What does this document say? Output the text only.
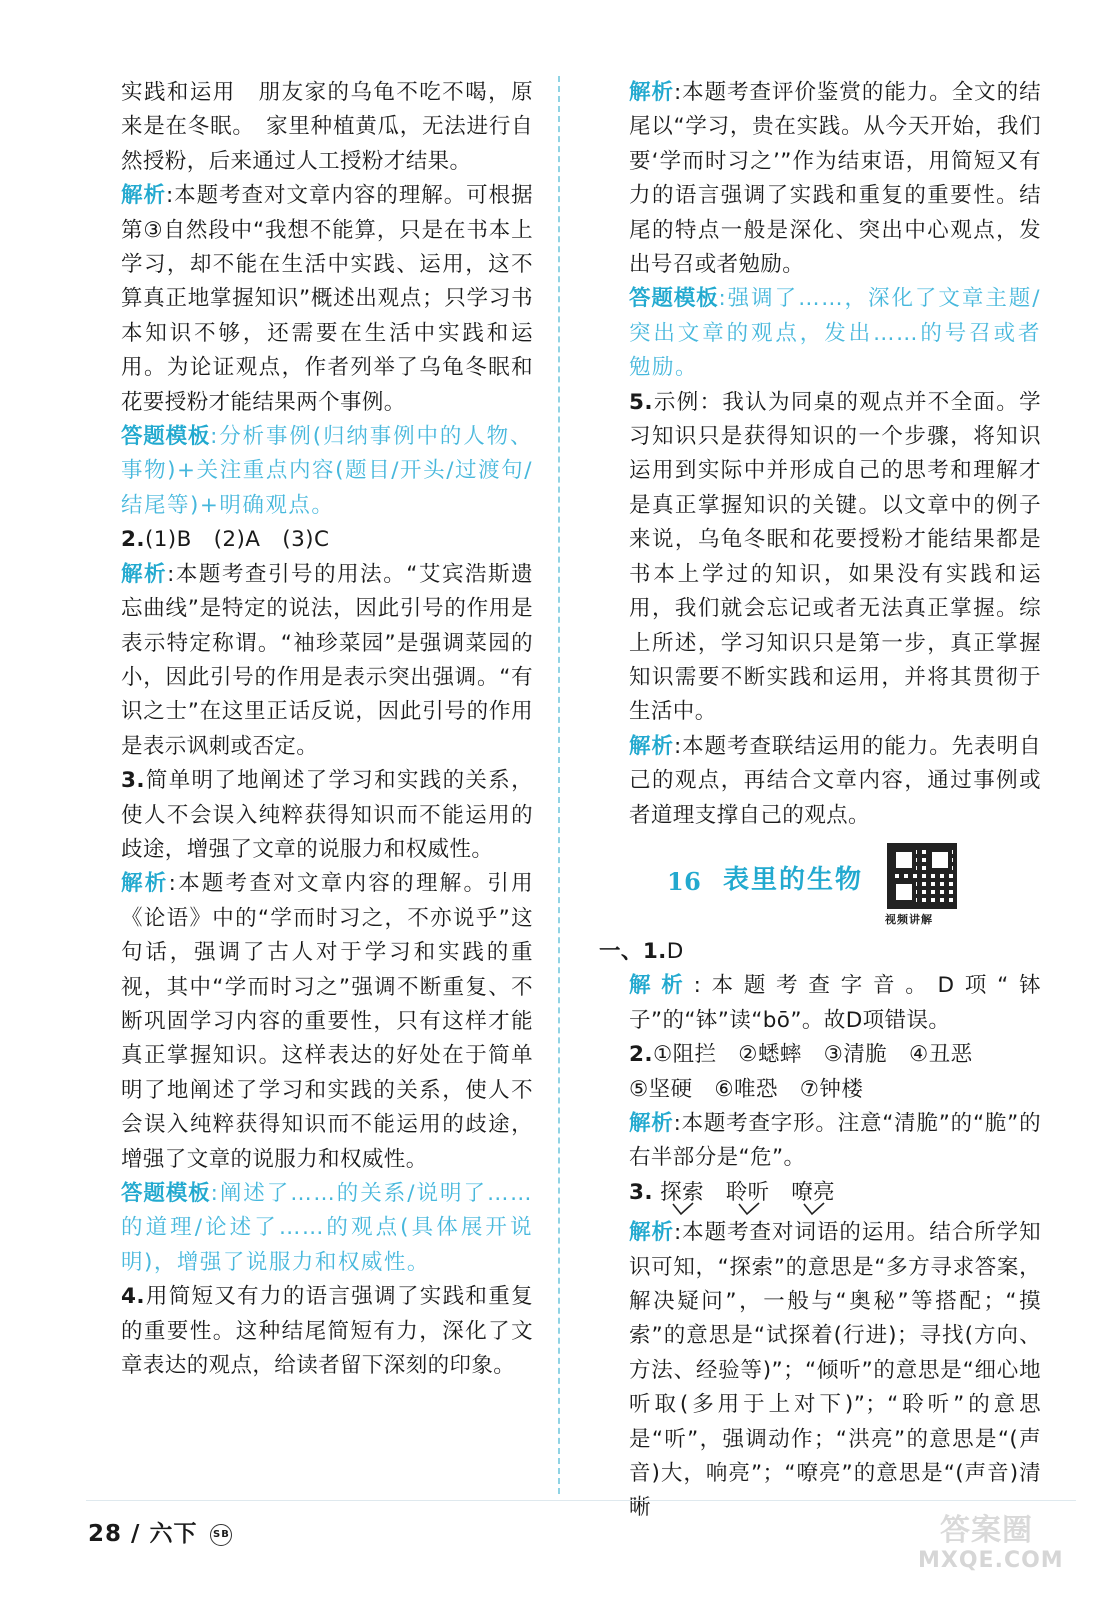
实践和运用　朋友家的乌龟不吃不喝，原来是在冬眠。　家里种植黄瓜，无法进行自然授粉，后来通过人工授粉才结果。

解析:本题考查对文章内容的理解。可根据第③自然段中“我想不能算，只是在书本上学习，却不能在生活中实践、运用，这不算真正地掌握知识”概述出观点；只学习书本知识不够，还需要在生活中实践和运用。为论证观点，作者列举了乌龟冬眠和花要授粉才能结果两个事例。

答题模板:分析事例(归纳事例中的人物、事物)+关注重点内容(题目/开头/过渡句/结尾等)+明确观点。

2.(1)B　(2)A　(3)C

解析:本题考查引号的用法。“艾宾浩斯遗忘曲线”是特定的说法，因此引号的作用是表示特定称谓。“袖珍菜园”是强调菜园的小，因此引号的作用是表示突出强调。“有识之士”在这里正话反说，因此引号的作用是表示讽刺或否定。

3.简单明了地阐述了学习和实践的关系，使人不会误入纯粹获得知识而不能运用的歧途，增强了文章的说服力和权威性。

解析:本题考查对文章内容的理解。引用《论语》中的“学而时习之，不亦说乎”这句话，强调了古人对于学习和实践的重视，其中“学而时习之”强调不断重复、不断巩固学习内容的重要性，只有这样才能真正掌握知识。这样表达的好处在于简单明了地阐述了学习和实践的关系，使人不会误入纯粹获得知识而不能运用的歧途，增强了文章的说服力和权威性。

答题模板:阐述了……的关系/说明了……的道理/论述了……的观点(具体展开说明)，增强了说服力和权威性。

4.用简短又有力的语言强调了实践和重复的重要性。这种结尾简短有力，深化了文章表达的观点，给读者留下深刻的印象。

解析:本题考查评价鉴赏的能力。全文的结尾以“学习，贵在实践。从今天开始，我们要‘学而时习之’”作为结束语，用简短又有力的语言强调了实践和重复的重要性。结尾的特点一般是深化、突出中心观点，发出号召或者勉励。

答题模板:强调了……，深化了文章主题/突出文章的观点，发出……的号召或者勉励。

5.示例：我认为同桌的观点并不全面。学习知识只是获得知识的一个步骤，将知识运用到实际中并形成自己的思考和理解才是真正掌握知识的关键。以文章中的例子来说，乌龟冬眠和花要授粉才能结果都是书本上学过的知识，如果没有实践和运用，我们就会忘记或者无法真正掌握。综上所述，学习知识只是第一步，真正掌握知识需要不断实践和运用，并将其贯彻于生活中。

解析:本题考查联结运用的能力。先表明自己的观点，再结合文章内容，通过事例或者道理支撑自己的观点。

16 表里的生物
视频讲解

一、1.D

解析:本题考查字音。D项“钵子”的“钵”读“bō”。故D项错误。

2.①阻拦　②蟋蟀　③清脆　④丑恶

⑤坚硬　⑥唯恐　⑦钟楼

解析:本题考查字形。注意“清脆”的“脆”的右半部分是“危”。

3. 探索 聆听 嘹亮

解析:本题考查对词语的运用。结合所学知识可知，“探索”的意思是“多方寻求答案，解决疑问”，一般与“奥秘”等搭配；“摸索”的意思是“试探着(行进)；寻找(方向、方法、经验等)”；“倾听”的意思是“细心地听取(多用于上对下)”；“聆听”的意思是“听”，强调动作；“洪亮”的意思是“(声音)大，响亮”；“嘹亮”的意思是“(声音)清晰

28 / 六下 SB	答案圈
MXQE.COM
